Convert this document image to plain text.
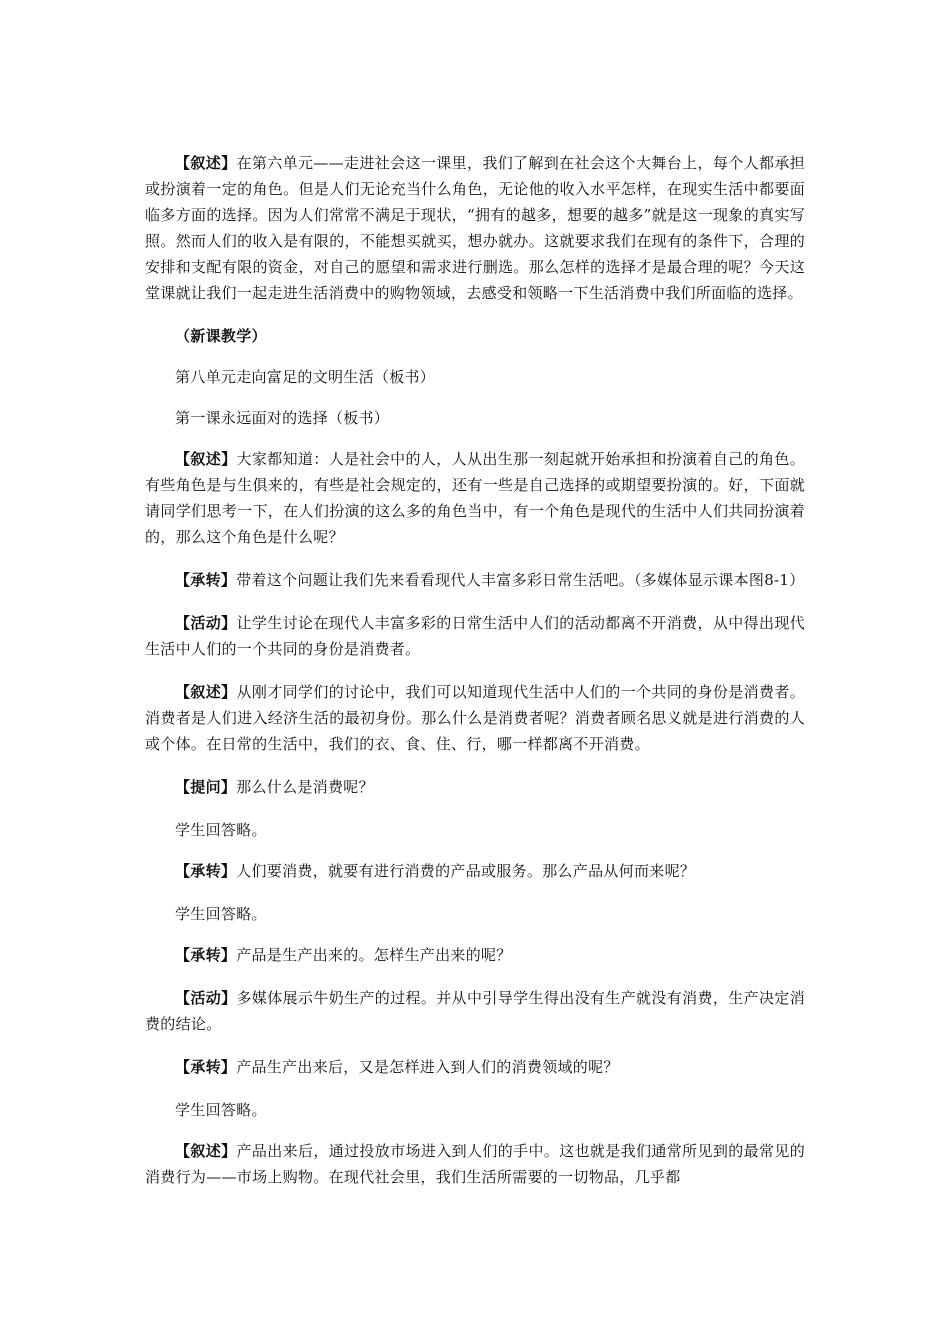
【叙述】在第六单元——走进社会这一课里，我们了解到在社会这个大舞台上，每个人都承担或扮演着一定的角色。但是人们无论充当什么角色，无论他的收入水平怎样，在现实生活中都要面临多方面的选择。因为人们常常不满足于现状，“拥有的越多，想要的越多”就是这一现象的真实写照。然而人们的收入是有限的，不能想买就买，想办就办。这就要求我们在现有的条件下，合理的安排和支配有限的资金，对自己的愿望和需求进行删选。那么怎样的选择才是最合理的呢？今天这堂课就让我们一起走进生活消费中的购物领域，去感受和领略一下生活消费中我们所面临的选择。

（新课教学）

第八单元走向富足的文明生活（板书）

第一课永远面对的选择（板书）

【叙述】大家都知道：人是社会中的人，人从出生那一刻起就开始承担和扮演着自己的角色。有些角色是与生俱来的，有些是社会规定的，还有一些是自己选择的或期望要扮演的。好，下面就请同学们思考一下，在人们扮演的这么多的角色当中，有一个角色是现代的生活中人们共同扮演着的，那么这个角色是什么呢？

【承转】带着这个问题让我们先来看看现代人丰富多彩日常生活吧。（多媒体显示课本图8-1）

【活动】让学生讨论在现代人丰富多彩的日常生活中人们的活动都离不开消费，从中得出现代生活中人们的一个共同的身份是消费者。

【叙述】从刚才同学们的讨论中，我们可以知道现代生活中人们的一个共同的身份是消费者。消费者是人们进入经济生活的最初身份。那么什么是消费者呢？消费者顾名思义就是进行消费的人或个体。在日常的生活中，我们的衣、食、住、行，哪一样都离不开消费。

【提问】那么什么是消费呢？

学生回答略。

【承转】人们要消费，就要有进行消费的产品或服务。那么产品从何而来呢？

学生回答略。

【承转】产品是生产出来的。怎样生产出来的呢？

【活动】多媒体展示牛奶生产的过程。并从中引导学生得出没有生产就没有消费，生产决定消费的结论。

【承转】产品生产出来后，又是怎样进入到人们的消费领域的呢？

学生回答略。

【叙述】产品出来后，通过投放市场进入到人们的手中。这也就是我们通常所见到的最常见的消费行为——市场上购物。在现代社会里，我们生活所需要的一切物品，几乎都
